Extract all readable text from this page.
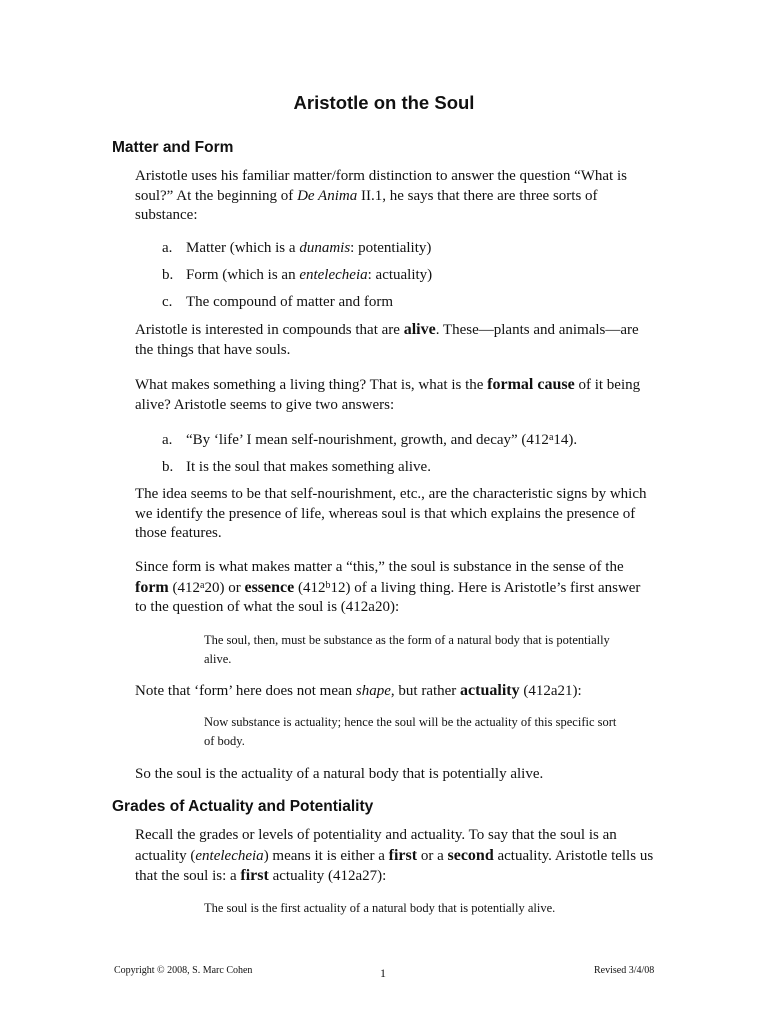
Aristotle on the Soul
Matter and Form

Aristotle uses his familiar matter/form distinction to answer the question “What is soul?” At the beginning of De Anima II.1, he says that there are three sorts of substance:

a. Matter (which is a dunamis: potentiality)

b. Form (which is an entelecheia: actuality)

c. The compound of matter and form

Aristotle is interested in compounds that are alive. These—plants and animals—are the things that have souls.

What makes something a living thing? That is, what is the formal cause of it being alive? Aristotle seems to give two answers:

a. “By ‘life’ I mean self-nourishment, growth, and decay” (412$^a$14).

b. It is the soul that makes something alive.

The idea seems to be that self-nourishment, etc., are the characteristic signs by which we identify the presence of life, whereas soul is that which explains the presence of those features.

Since form is what makes matter a “this,” the soul is substance in the sense of the form (412$^a$20) or essence (412$^b$12) of a living thing. Here is Aristotle’s first answer to the question of what the soul is (412a20):

The soul, then, must be substance as the form of a natural body that is potentially alive.

Note that ‘form’ here does not mean shape, but rather actuality (412a21):

Now substance is actuality; hence the soul will be the actuality of this specific sort of body.

So the soul is the actuality of a natural body that is potentially alive.

Grades of Actuality and Potentiality

Recall the grades or levels of potentiality and actuality. To say that the soul is an actuality (entelecheia) means it is either a first or a second actuality. Aristotle tells us that the soul is: a first actuality (412a27):

The soul is the first actuality of a natural body that is potentially alive.

Copyright © 2008, S. Marc Cohen	1	Revised 3/4/08
